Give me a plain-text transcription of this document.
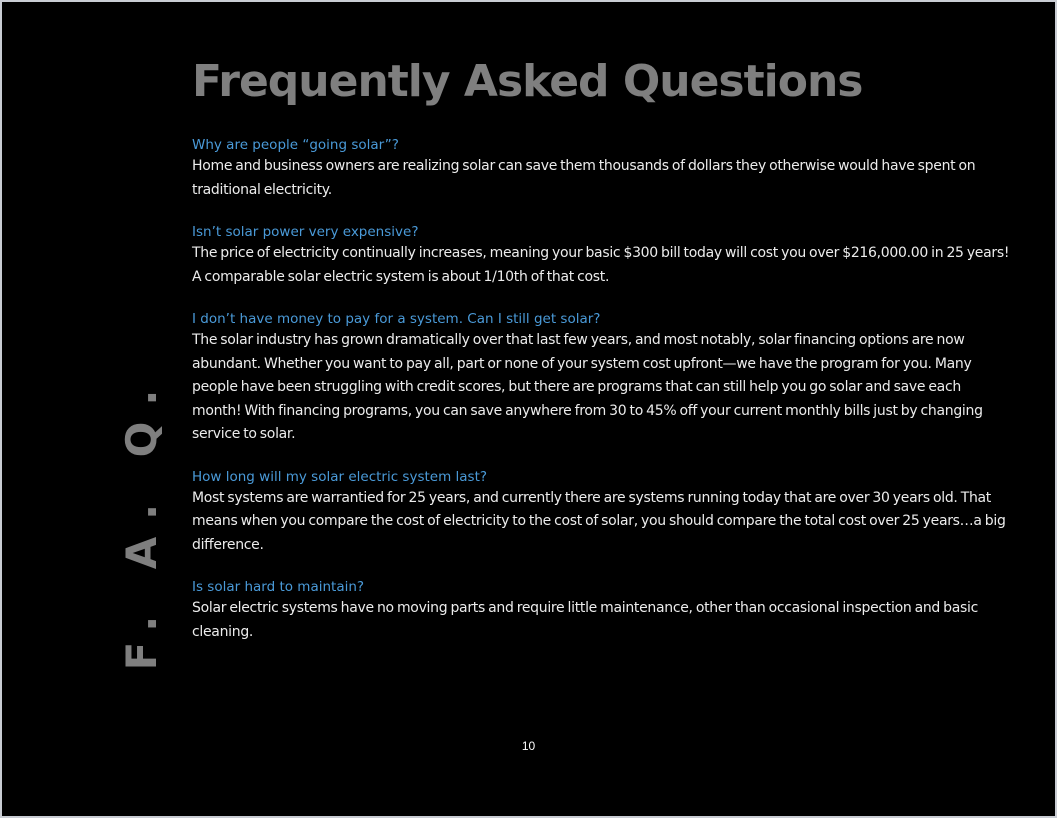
Frequently Asked Questions
F. A. Q.
Why are people “going solar”?
Home and business owners are realizing solar can save them thousands of dollars they otherwise would have spent on traditional electricity.
Isn’t solar power very expensive?
The price of electricity continually increases, meaning your basic $300 bill today will cost you over $216,000.00 in 25 years! A comparable solar electric system is about 1/10th of that cost.
I don’t have money to pay for a system. Can I still get solar?
The solar industry has grown dramatically over that last few years, and most notably, solar financing options are now abundant. Whether you want to pay all, part or none of your system cost upfront—we have the program for you. Many people have been struggling with credit scores, but there are programs that can still help you go solar and save each month! With financing programs, you can save anywhere from 30 to 45% off your current monthly bills just by changing service to solar.
How long will my solar electric system last?
Most systems are warrantied for 25 years, and currently there are systems running today that are over 30 years old. That means when you compare the cost of electricity to the cost of solar, you should compare the total cost over 25 years…a big difference.
Is solar hard to maintain?
Solar electric systems have no moving parts and require little maintenance, other than occasional inspection and basic cleaning.
10
